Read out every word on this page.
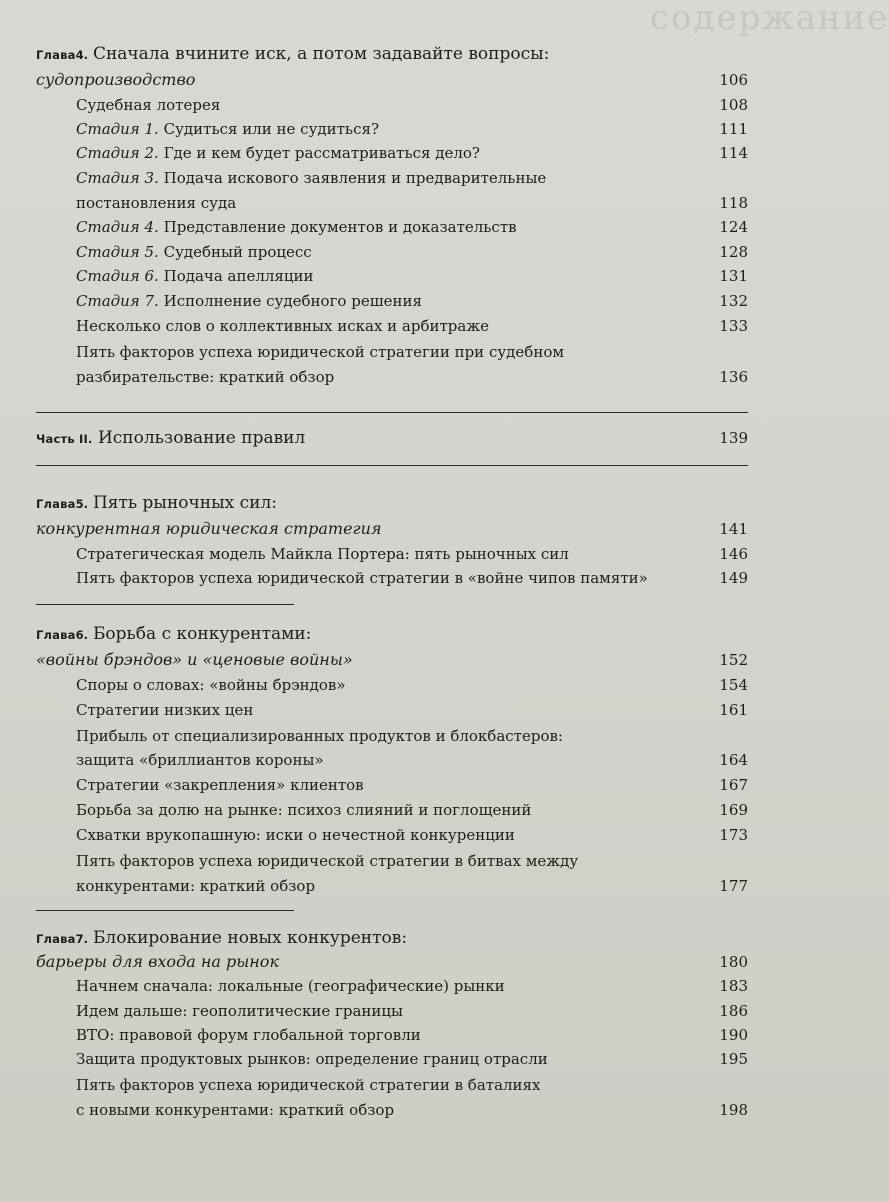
содержание
Глава4. Сначала вчините иск, а потом задавайте вопросы:
судопроизводство	106
Судебная лотерея	108
Стадия 1. Судиться или не судиться?	111
Стадия 2. Где и кем будет рассматриваться дело?	114
Стадия 3. Подача искового заявления и предварительные
постановления суда	118
Стадия 4. Представление документов и доказательств	124
Стадия 5. Судебный процесс	128
Стадия 6. Подача апелляции	131
Стадия 7. Исполнение судебного решения	132
Несколько слов о коллективных исках и арбитраже	133
Пять факторов успеха юридической стратегии при судебном
разбирательстве: краткий обзор	136
Часть II. Использование правил	139
Глава5. Пять рыночных сил:
конкурентная юридическая стратегия	141
Стратегическая модель Майкла Портера: пять рыночных сил	146
Пять факторов успеха юридической стратегии в «войне чипов памяти»	149
Глава6. Борьба с конкурентами:
«войны брэндов» и «ценовые войны»	152
Споры о словах: «войны брэндов»	154
Стратегии низких цен	161
Прибыль от специализированных продуктов и блокбастеров:
защита «бриллиантов короны»	164
Стратегии «закрепления» клиентов	167
Борьба за долю на рынке: психоз слияний и поглощений	169
Схватки врукопашную: иски о нечестной конкуренции	173
Пять факторов успеха юридической стратегии в битвах между
конкурентами: краткий обзор	177
Глава7. Блокирование новых конкурентов:
барьеры для входа на рынок	180
Начнем сначала: локальные (географические) рынки	183
Идем дальше: геополитические границы	186
ВТО: правовой форум глобальной торговли	190
Защита продуктовых рынков: определение границ отрасли	195
Пять факторов успеха юридической стратегии в баталиях
с новыми конкурентами: краткий обзор	198
